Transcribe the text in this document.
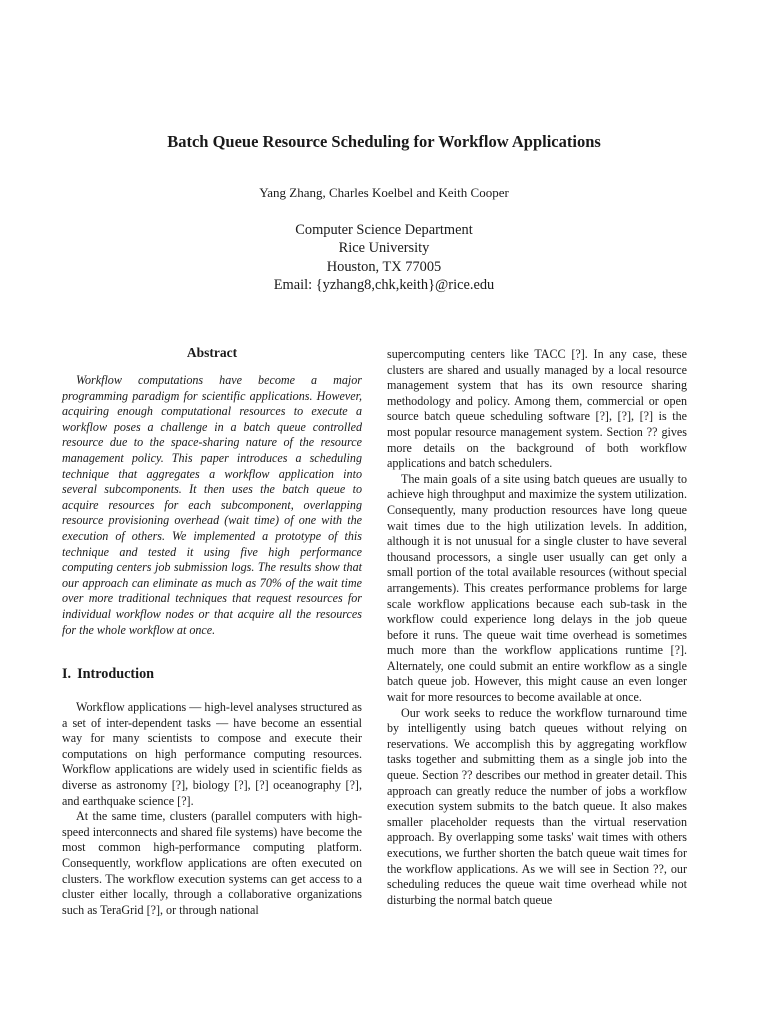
Batch Queue Resource Scheduling for Workflow Applications
Yang Zhang, Charles Koelbel and Keith Cooper
Computer Science Department
Rice University
Houston, TX 77005
Email: {yzhang8,chk,keith}@rice.edu
Abstract

Workflow computations have become a major programming paradigm for scientific applications. However, acquiring enough computational resources to execute a workflow poses a challenge in a batch queue controlled resource due to the space-sharing nature of the resource management policy. This paper introduces a scheduling technique that aggregates a workflow application into several subcomponents. It then uses the batch queue to acquire resources for each subcomponent, overlapping resource provisioning overhead (wait time) of one with the execution of others. We implemented a prototype of this technique and tested it using five high performance computing centers job submission logs. The results show that our approach can eliminate as much as 70% of the wait time over more traditional techniques that request resources for individual workflow nodes or that acquire all the resources for the whole workflow at once.

I. Introduction

Workflow applications — high-level analyses structured as a set of inter-dependent tasks — have become an essential way for many scientists to compose and execute their computations on high performance computing resources. Workflow applications are widely used in scientific fields as diverse as astronomy [?], biology [?], [?] oceanography [?], and earthquake science [?].

At the same time, clusters (parallel computers with high-speed interconnects and shared file systems) have become the most common high-performance computing platform. Consequently, workflow applications are often executed on clusters. The workflow execution systems can get access to a cluster either locally, through a collaborative organizations such as TeraGrid [?], or through national

supercomputing centers like TACC [?]. In any case, these clusters are shared and usually managed by a local resource management system that has its own resource sharing methodology and policy. Among them, commercial or open source batch queue scheduling software [?], [?], [?] is the most popular resource management system. Section ?? gives more details on the background of both workflow applications and batch schedulers.

The main goals of a site using batch queues are usually to achieve high throughput and maximize the system utilization. Consequently, many production resources have long queue wait times due to the high utilization levels. In addition, although it is not unusual for a single cluster to have several thousand processors, a single user usually can get only a small portion of the total available resources (without special arrangements). This creates performance problems for large scale workflow applications because each sub-task in the workflow could experience long delays in the job queue before it runs. The queue wait time overhead is sometimes much more than the workflow applications runtime [?]. Alternately, one could submit an entire workflow as a single batch queue job. However, this might cause an even longer wait for more resources to become available at once.

Our work seeks to reduce the workflow turnaround time by intelligently using batch queues without relying on reservations. We accomplish this by aggregating workflow tasks together and submitting them as a single job into the queue. Section ?? describes our method in greater detail. This approach can greatly reduce the number of jobs a workflow execution system submits to the batch queue. It also makes smaller placeholder requests than the virtual reservation approach. By overlapping some tasks' wait times with others executions, we further shorten the batch queue wait times for the workflow applications. As we will see in Section ??, our scheduling reduces the queue wait time overhead while not disturbing the normal batch queue
